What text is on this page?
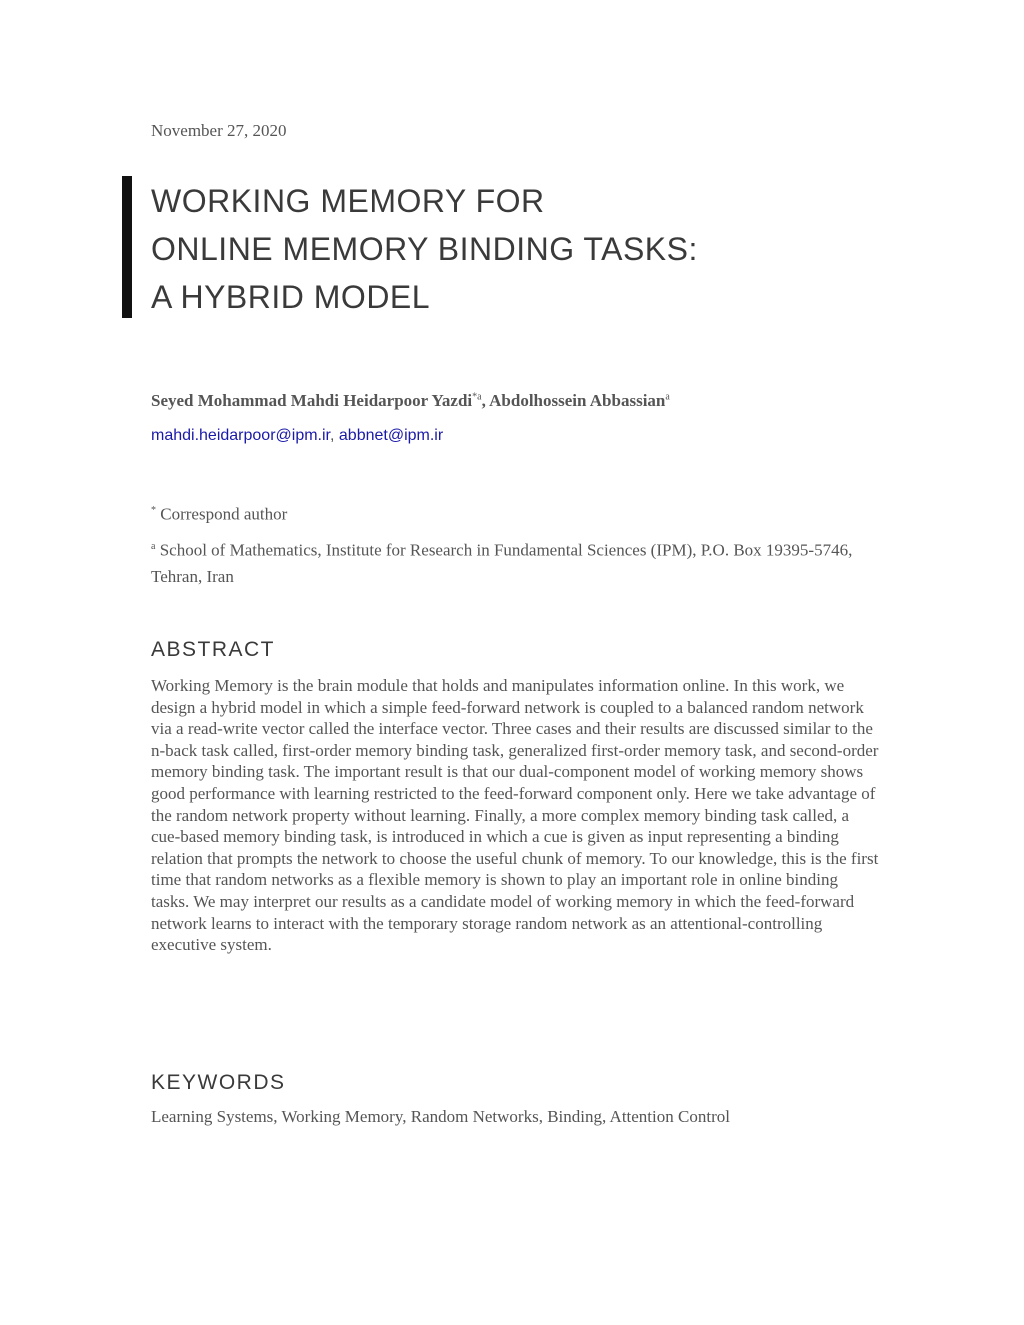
November 27, 2020
WORKING MEMORY FOR
ONLINE MEMORY BINDING TASKS:
A HYBRID MODEL
Seyed Mohammad Mahdi Heidarpoor Yazdi$^{*a}$, Abdolhossein Abbassian$^a$
mahdi.heidarpoor@ipm.ir, abbnet@ipm.ir
* Correspond author
$^a$ School of Mathematics, Institute for Research in Fundamental Sciences (IPM), P.O. Box 19395-5746, Tehran, Iran
ABSTRACT
Working Memory is the brain module that holds and manipulates information online. In this work, we design a hybrid model in which a simple feed-forward network is coupled to a balanced random network via a read-write vector called the interface vector. Three cases and their results are discussed similar to the n-back task called, first-order memory binding task, generalized first-order memory task, and second-order memory binding task. The important result is that our dual-component model of working memory shows good performance with learning restricted to the feed-forward component only. Here we take advantage of the random network property without learning. Finally, a more complex memory binding task called, a cue-based memory binding task, is introduced in which a cue is given as input representing a binding relation that prompts the network to choose the useful chunk of memory. To our knowledge, this is the first time that random networks as a flexible memory is shown to play an important role in online binding tasks. We may interpret our results as a candidate model of working memory in which the feed-forward network learns to interact with the temporary storage random network as an attentional-controlling executive system.
KEYWORDS
Learning Systems, Working Memory, Random Networks, Binding, Attention Control
